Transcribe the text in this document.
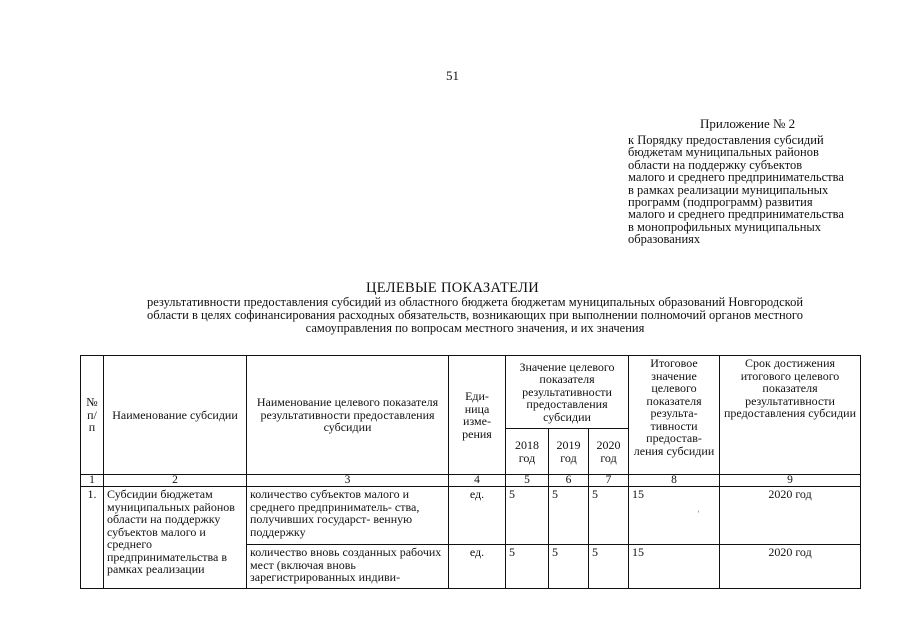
51
Приложение № 2
к Порядку предоставления субсидий
бюджетам муниципальных районов
области на поддержку субъектов
малого и среднего предпринимательства
в рамках реализации муниципальных
программ (подпрограмм) развития
малого и среднего предпринимательства
в монопрофильных муниципальных
образованиях
ЦЕЛЕВЫЕ ПОКАЗАТЕЛИ
результативности предоставления субсидий из областного бюджета бюджетам муниципальных образований Новгородской
области в целях софинансирования расходных обязательств, возникающих при выполнении полномочий органов местного
самоуправления по вопросам местного значения, и их значения
№ п/п	Наименование субсидии	Наименование целевого показателя результативности предоставления субсидии	Еди- ница изме- рения	Значение целевого показателя результативности предоставления субсидии			Итоговое значение целевого показателя результа- тивности предостав- ления субсидии	Срок достижения итогового целевого показателя результативности предоставления субсидии
				2018 год	2019 год	2020 год		
1	2	3	4	5	6	7	8	9
1.	Субсидии бюджетам муниципальных районов области на поддержку субъектов малого и среднего предпринимательства в рамках реализации	количество субъектов малого и среднего предприниматель- ства, получивших государст- венную поддержку	ед.	5	5	5	15	2020 год
		количество вновь созданных рабочих мест (включая вновь зарегистрированных индиви-	ед.	5	5	5	15	2020 год
˒
